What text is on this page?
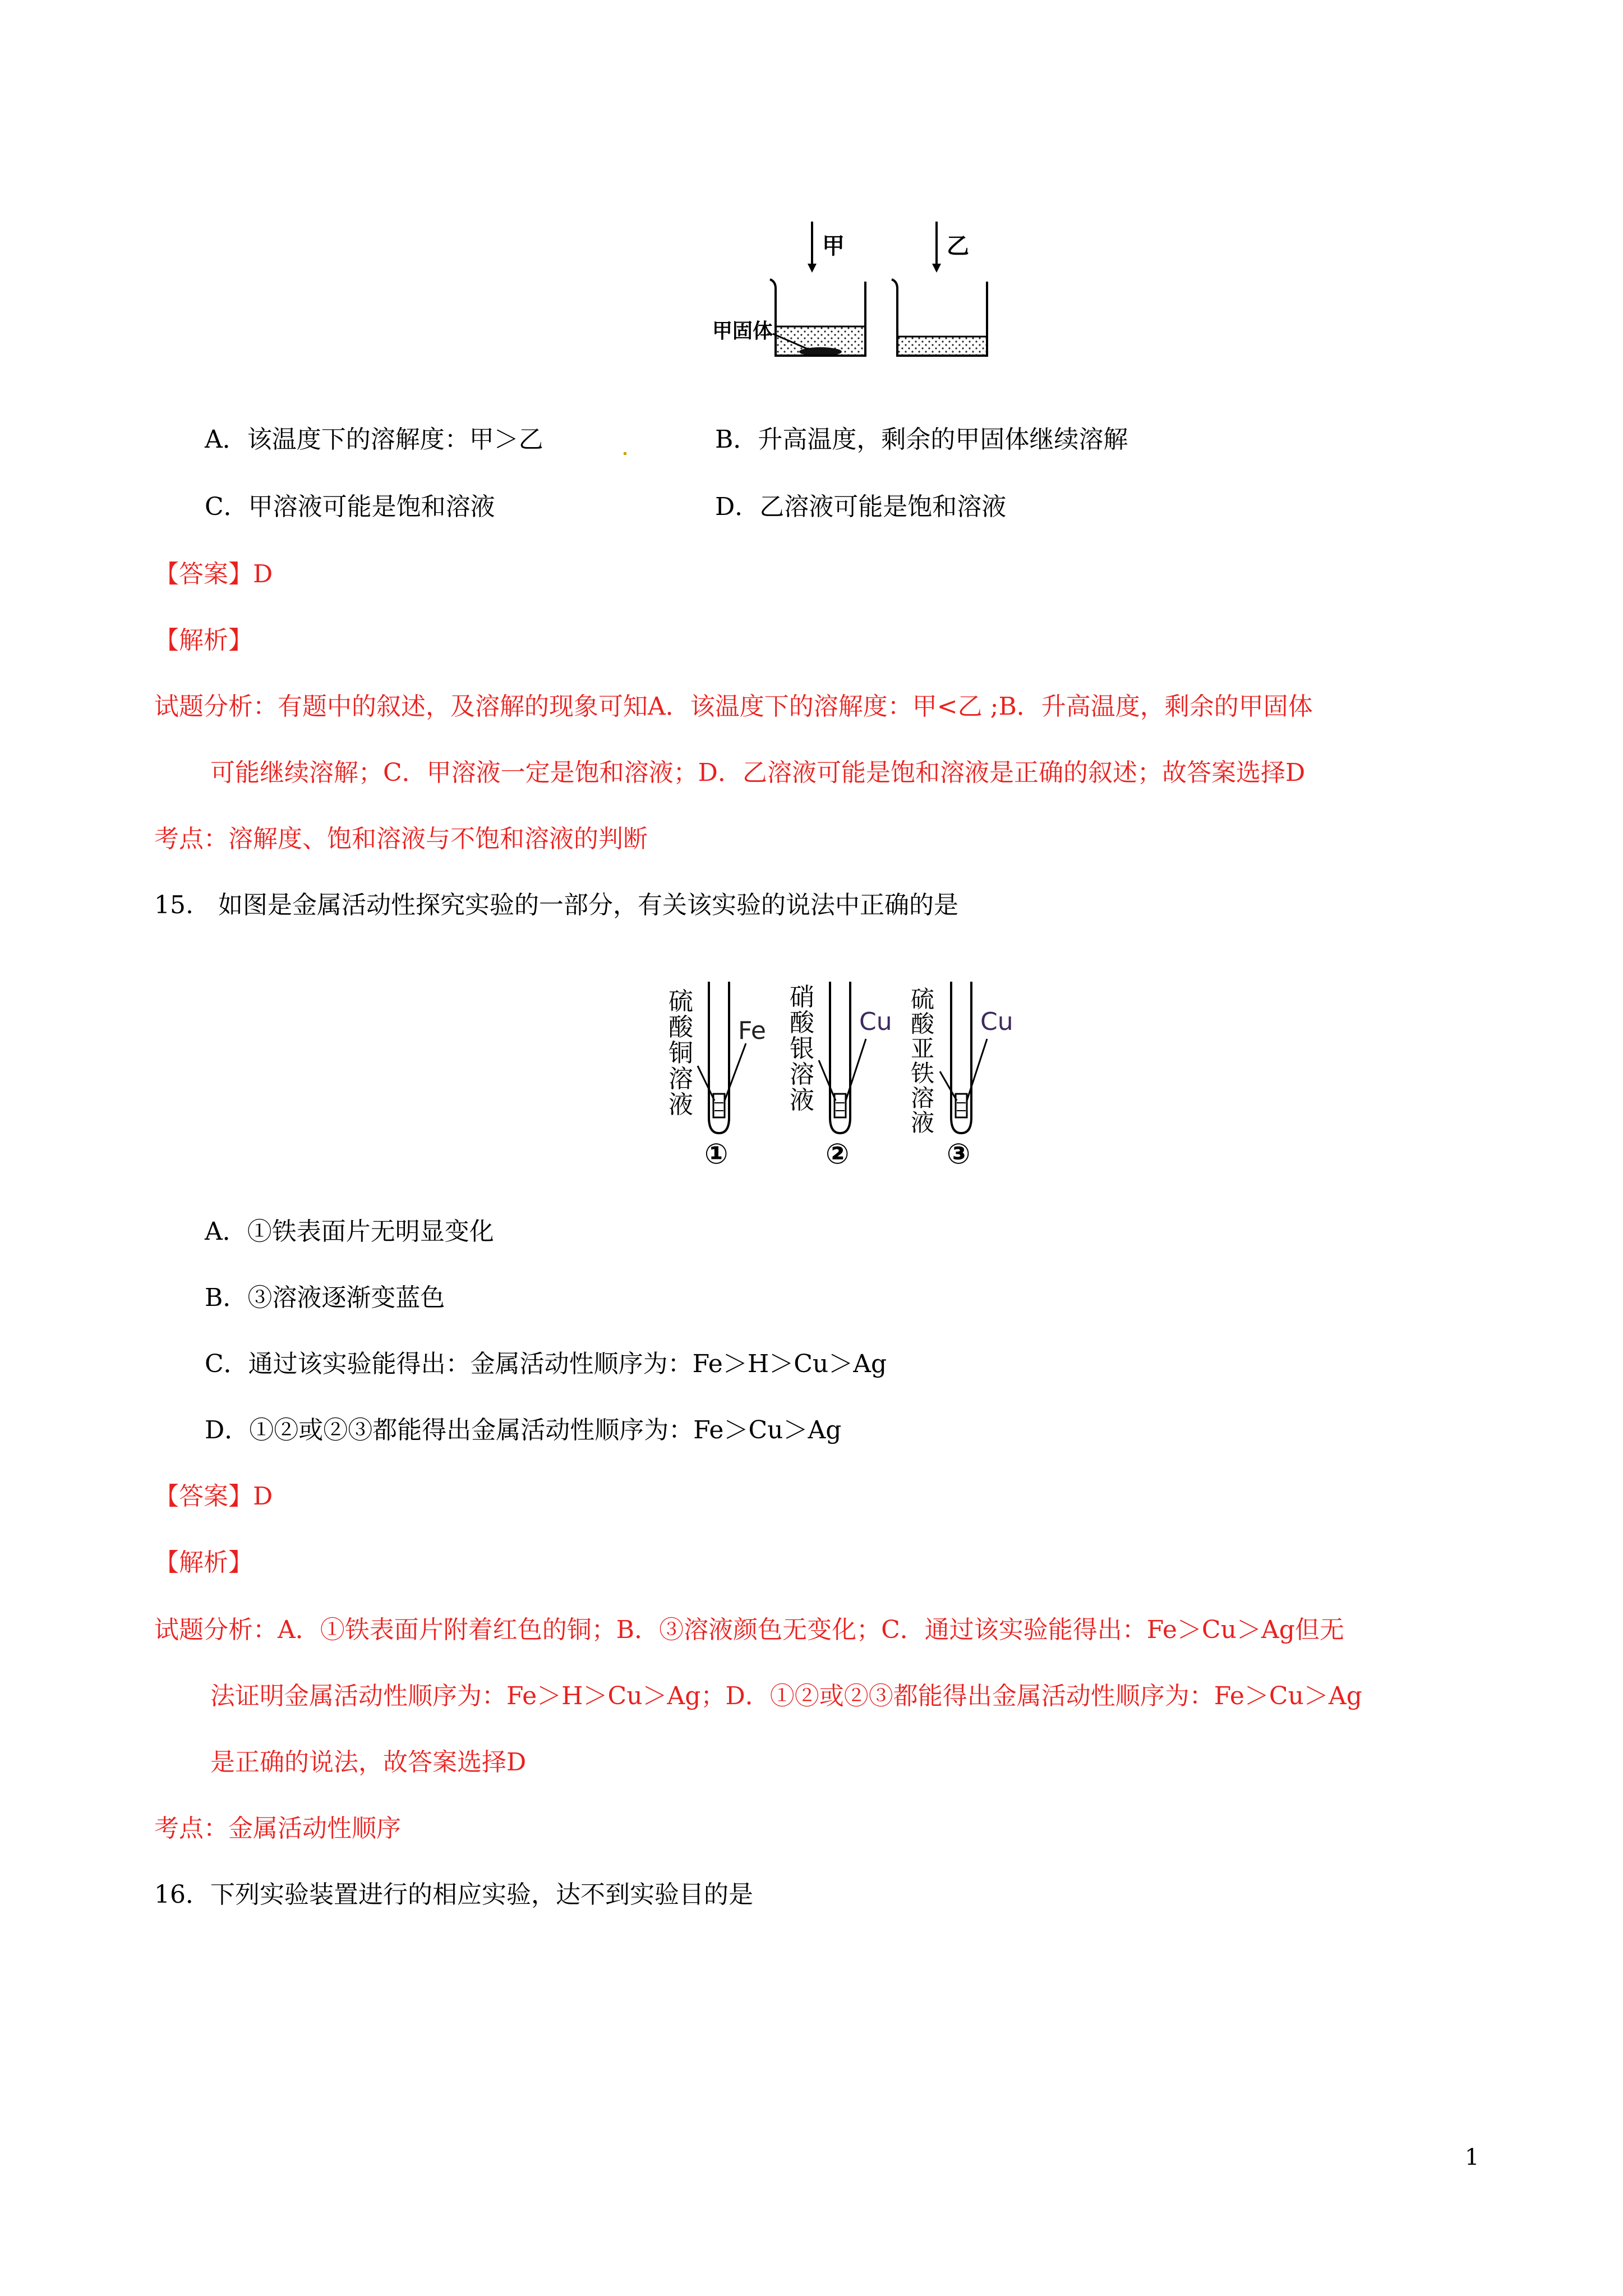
甲	乙
甲固体
A．该温度下的溶解度：甲＞乙	B．升高温度，剩余的甲固体继续溶解
C．甲溶液可能是饱和溶液	D．乙溶液可能是饱和溶液
【答案】D
【解析】
试题分析：有题中的叙述，及溶解的现象可知A．该温度下的溶解度：甲<乙 ;B．升高温度，剩余的甲固体
可能继续溶解；C．甲溶液一定是饱和溶液；D．乙溶液可能是饱和溶液是正确的叙述；故答案选择D
考点：溶解度、饱和溶液与不饱和溶液的判断
15.　如图是金属活动性探究实验的一部分，有关该实验的说法中正确的是
硫
酸
铜
溶
液
Fe
①
硝
酸
银
溶
液
Cu
②
硫
酸
亚
铁
溶
液
Cu
③
A．①铁表面片无明显变化
B．③溶液逐渐变蓝色
C．通过该实验能得出：金属活动性顺序为：Fe＞H＞Cu＞Ag
D．①②或②③都能得出金属活动性顺序为：Fe＞Cu＞Ag
【答案】D
【解析】
试题分析：A．①铁表面片附着红色的铜；B．③溶液颜色无变化；C．通过该实验能得出：Fe＞Cu＞Ag但无
法证明金属活动性顺序为：Fe＞H＞Cu＞Ag；D．①②或②③都能得出金属活动性顺序为：Fe＞Cu＞Ag
是正确的说法，故答案选择D
考点：金属活动性顺序
16．下列实验装置进行的相应实验，达不到实验目的是
1
